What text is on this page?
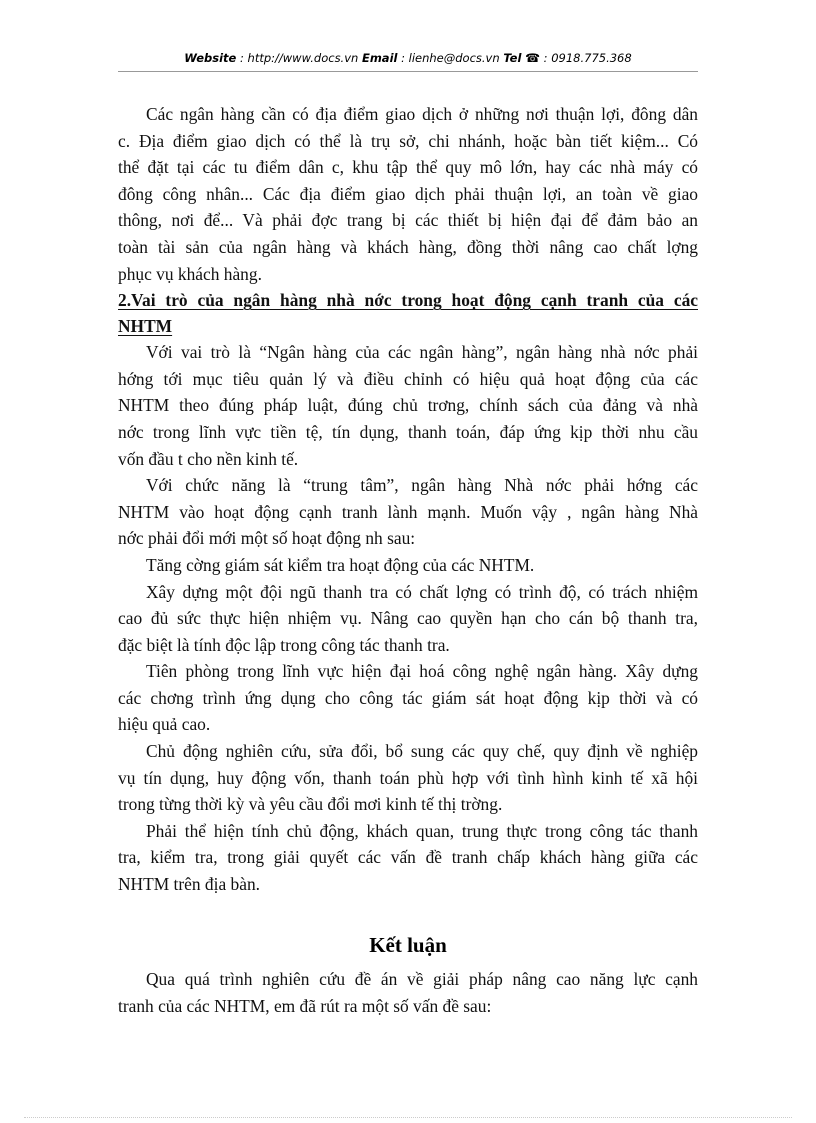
Website : http://www.docs.vn Email : lienhe@docs.vn Tel ☎ : 0918.775.368
Các ngân hàng cần có địa điểm giao dịch ở những nơi thuận lợi, đông dân
c. Địa điểm giao dịch có thể là trụ sở, chi nhánh, hoặc bàn tiết kiệm... Có
thể đặt tại các tu điểm dân c, khu tập thể quy mô lớn, hay các nhà máy có
đông công nhân... Các địa điểm giao dịch phải thuận lợi, an toàn về giao
thông, nơi để... Và phải đợc trang bị các thiết bị hiện đại để đảm bảo an
toàn tài sản của ngân hàng và khách hàng, đồng thời nâng cao chất lợng
phục vụ khách hàng.
2.Vai trò của ngân hàng nhà nớc trong hoạt động cạnh tranh của các
NHTM
Với vai trò là “Ngân hàng của các ngân hàng”, ngân hàng nhà nớc phải
hớng tới mục tiêu quản lý và điều chỉnh có hiệu quả hoạt động của các
NHTM theo đúng pháp luật, đúng chủ trơng, chính sách của đảng và nhà
nớc trong lĩnh vực tiền tệ, tín dụng, thanh toán, đáp ứng kịp thời nhu cầu
vốn đầu t cho nền kinh tế.
Với chức năng là “trung tâm”, ngân hàng Nhà nớc phải hớng các
NHTM vào hoạt động cạnh tranh lành mạnh. Muốn vậy , ngân hàng Nhà
nớc phải đổi mới một số hoạt động nh sau:
Tăng cờng giám sát kiểm tra hoạt động của các NHTM.
Xây dựng một đội ngũ thanh tra có chất lợng có trình độ, có trách nhiệm
cao đủ sức thực hiện nhiệm vụ. Nâng cao quyền hạn cho cán bộ thanh tra,
đặc biệt là tính độc lập trong công tác thanh tra.
Tiên phòng trong lĩnh vực hiện đại hoá công nghệ ngân hàng. Xây dựng
các chơng trình ứng dụng cho công tác giám sát hoạt động kịp thời và có
hiệu quả cao.
Chủ động nghiên cứu, sửa đổi, bổ sung các quy chế, quy định về nghiệp
vụ tín dụng, huy động vốn, thanh toán phù hợp với tình hình kinh tế xã hội
trong từng thời kỳ và yêu cầu đổi mơi kinh tế thị trờng.
Phải thể hiện tính chủ động, khách quan, trung thực trong công tác thanh
tra, kiểm tra, trong giải quyết các vấn đề tranh chấp khách hàng giữa các
NHTM trên địa bàn.
Kết luận
Qua quá trình nghiên cứu đề án về giải pháp nâng cao năng lực cạnh
tranh của các NHTM, em đã rút ra một số vấn đề sau:
